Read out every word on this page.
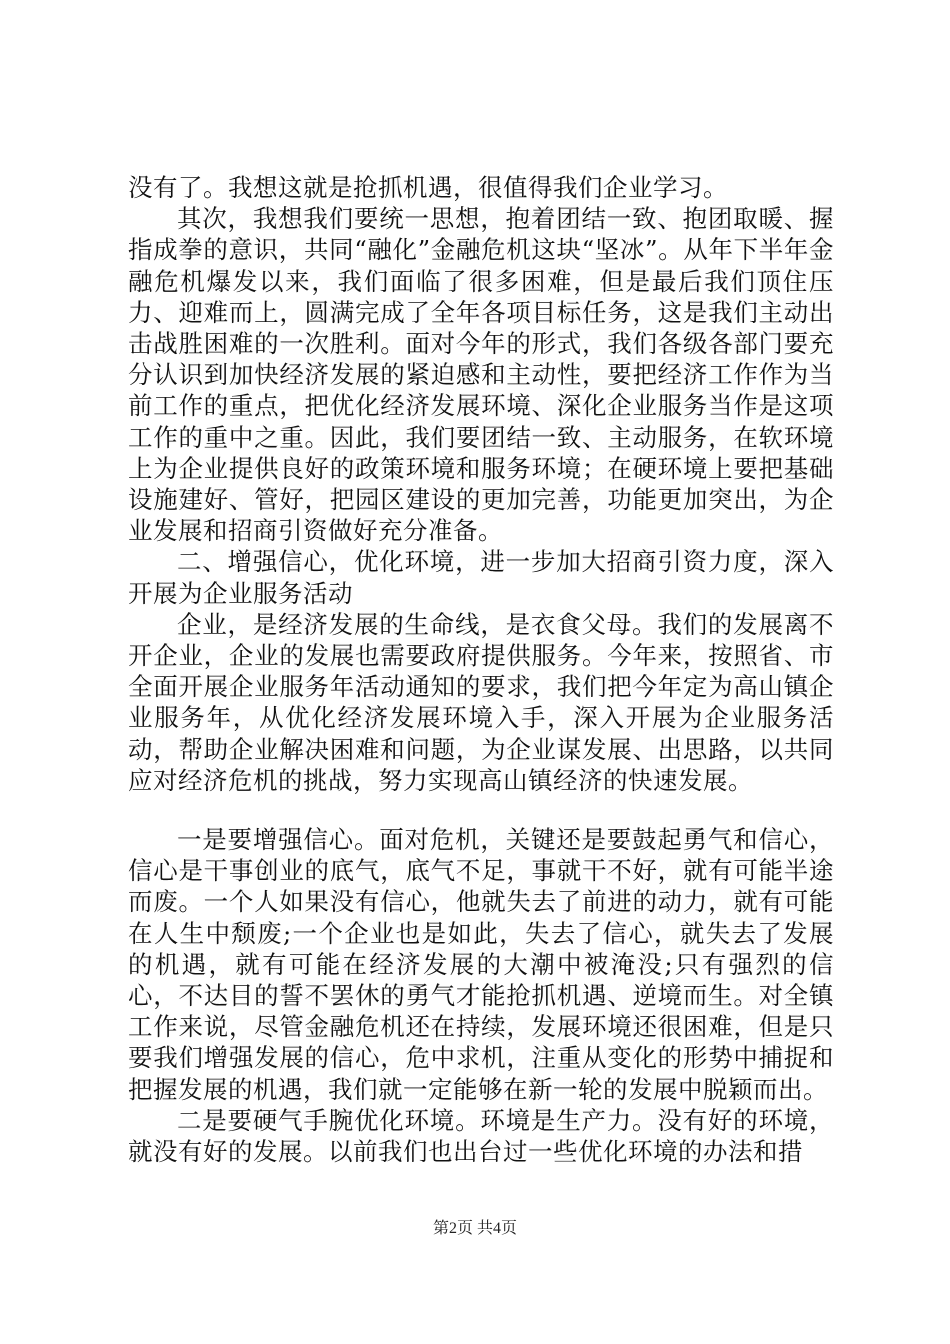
没有了。我想这就是抢抓机遇，很值得我们企业学习。

其次，我想我们要统一思想，抱着团结一致、抱团取暖、握指成拳的意识，共同“融化”金融危机这块“坚冰”。从年下半年金融危机爆发以来，我们面临了很多困难，但是最后我们顶住压力、迎难而上，圆满完成了全年各项目标任务，这是我们主动出击战胜困难的一次胜利。面对今年的形式，我们各级各部门要充分认识到加快经济发展的紧迫感和主动性，要把经济工作作为当前工作的重点，把优化经济发展环境、深化企业服务当作是这项工作的重中之重。因此，我们要团结一致、主动服务，在软环境上为企业提供良好的政策环境和服务环境；在硬环境上要把基础设施建好、管好，把园区建设的更加完善，功能更加突出，为企业发展和招商引资做好充分准备。

二、增强信心，优化环境，进一步加大招商引资力度，深入开展为企业服务活动

企业，是经济发展的生命线，是衣食父母。我们的发展离不开企业，企业的发展也需要政府提供服务。今年来，按照省、市全面开展企业服务年活动通知的要求，我们把今年定为高山镇企业服务年，从优化经济发展环境入手，深入开展为企业服务活动，帮助企业解决困难和问题，为企业谋发展、出思路，以共同应对经济危机的挑战，努力实现高山镇经济的快速发展。

一是要增强信心。面对危机，关键还是要鼓起勇气和信心，信心是干事创业的底气，底气不足，事就干不好，就有可能半途而废。一个人如果没有信心，他就失去了前进的动力，就有可能在人生中颓废;一个企业也是如此，失去了信心，就失去了发展的机遇，就有可能在经济发展的大潮中被淹没;只有强烈的信心，不达目的誓不罢休的勇气才能抢抓机遇、逆境而生。对全镇工作来说，尽管金融危机还在持续，发展环境还很困难，但是只要我们增强发展的信心，危中求机，注重从变化的形势中捕捉和把握发展的机遇，我们就一定能够在新一轮的发展中脱颖而出。

二是要硬气手腕优化环境。环境是生产力。没有好的环境，就没有好的发展。以前我们也出台过一些优化环境的办法和措

第2页 共4页
